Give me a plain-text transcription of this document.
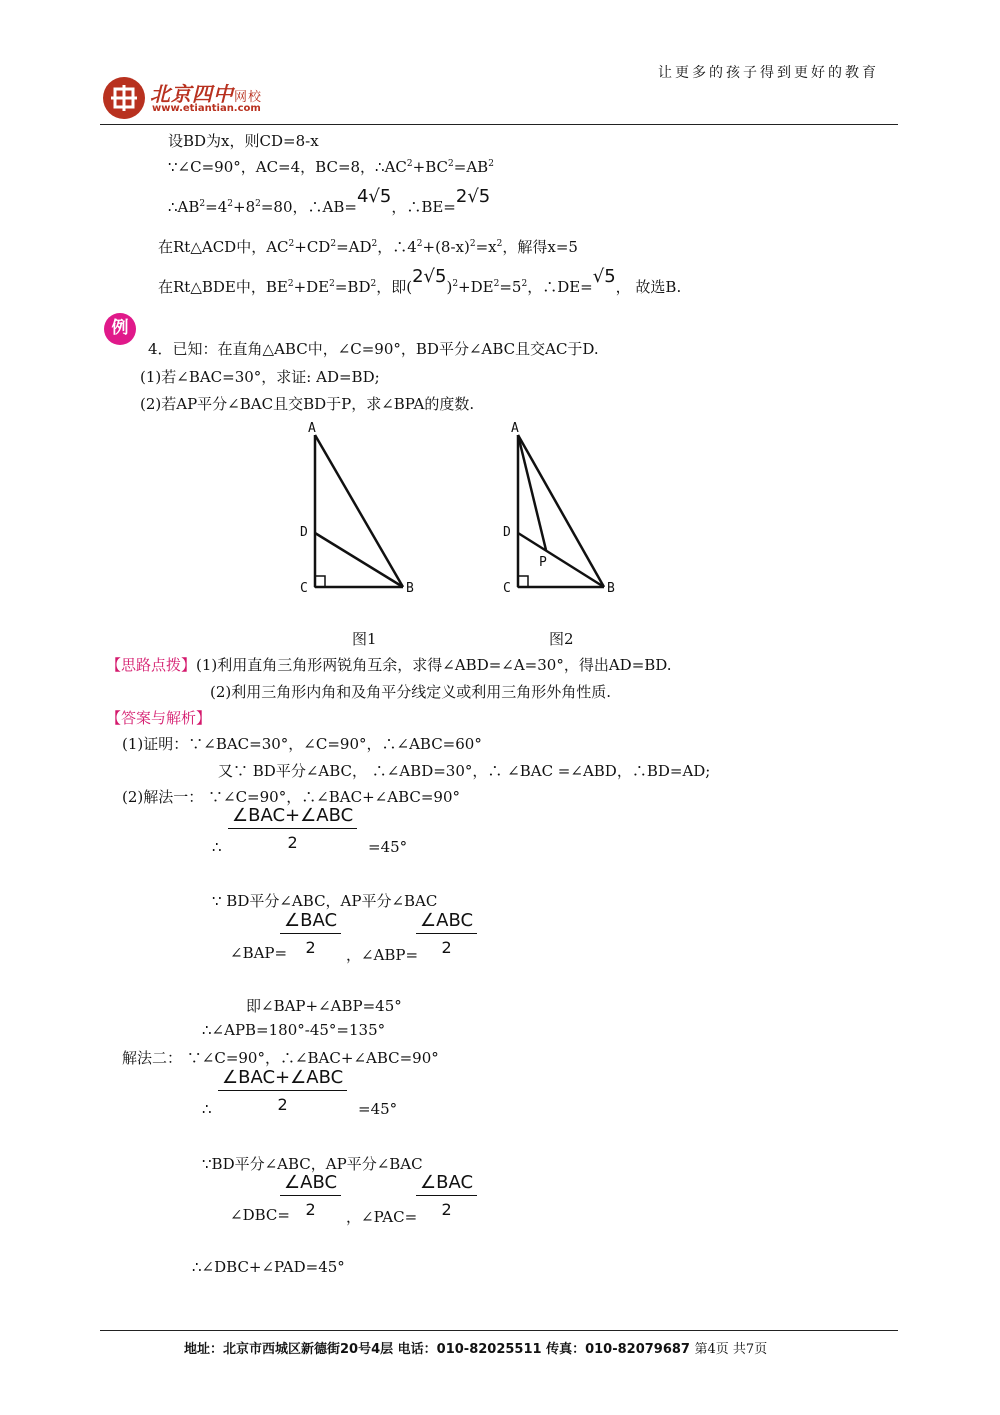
让更多的孩子得到更好的教育
北京四中网校
www.etiantian.com
设BD为x，则CD=8-x
∵∠C=90°，AC=4，BC=8，$\therefore AC^2+BC^2=AB^2$
$\therefore AB^2=4^2+8^2=80$，∴AB=4√5，∴BE=2√5
在Rt△ACD中，$AC^2+CD^2=AD^2$，$\therefore 4^2+(8-x)^2=x^2$，解得x=5
在Rt△BDE中，$BE^2+DE^2=BD^2$，即$(2√5)^2+DE^2=5^2$，∴DE=√5， 故选B.
例
4．已知：在直角△ABC中，∠C=90°，BD平分∠ABC且交AC于D.
(1)若∠BAC=30°，求证: AD=BD;
(2)若AP平分∠BAC且交BD于P，求∠BPA的度数.
A
D
C	B
A
D
P
C	B
图1	图2
【思路点拨】(1)利用直角三角形两锐角互余，求得∠ABD=∠A=30°，得出AD=BD.
(2)利用三角形内角和及角平分线定义或利用三角形外角性质.
【答案与解析】
(1)证明：∵∠BAC=30°，∠C=90°，∴∠ABC=60°
又∵ BD平分∠ABC， ∴∠ABD=30°，∴ ∠BAC =∠ABD，∴BD=AD;
(2)解法一： ∵∠C=90°，∴∠BAC+∠ABC=90°
∴
∠BAC+∠ABC
2	=45°
∵ BD平分∠ABC，AP平分∠BAC
∠BAP=
∠BAC
2	，∠ABP=
∠ABC
2
即∠BAP+∠ABP=45°
∴∠APB=180°-45°=135°
解法二： ∵∠C=90°，∴∠BAC+∠ABC=90°
∴
∠BAC+∠ABC
2	=45°
∵BD平分∠ABC，AP平分∠BAC
∠DBC=
∠ABC
2	，∠PAC=
∠BAC
2
∴∠DBC+∠PAD=45°
地址：北京市西城区新德街20号4层 电话：010-82025511 传真：010-82079687 第4页 共7页
